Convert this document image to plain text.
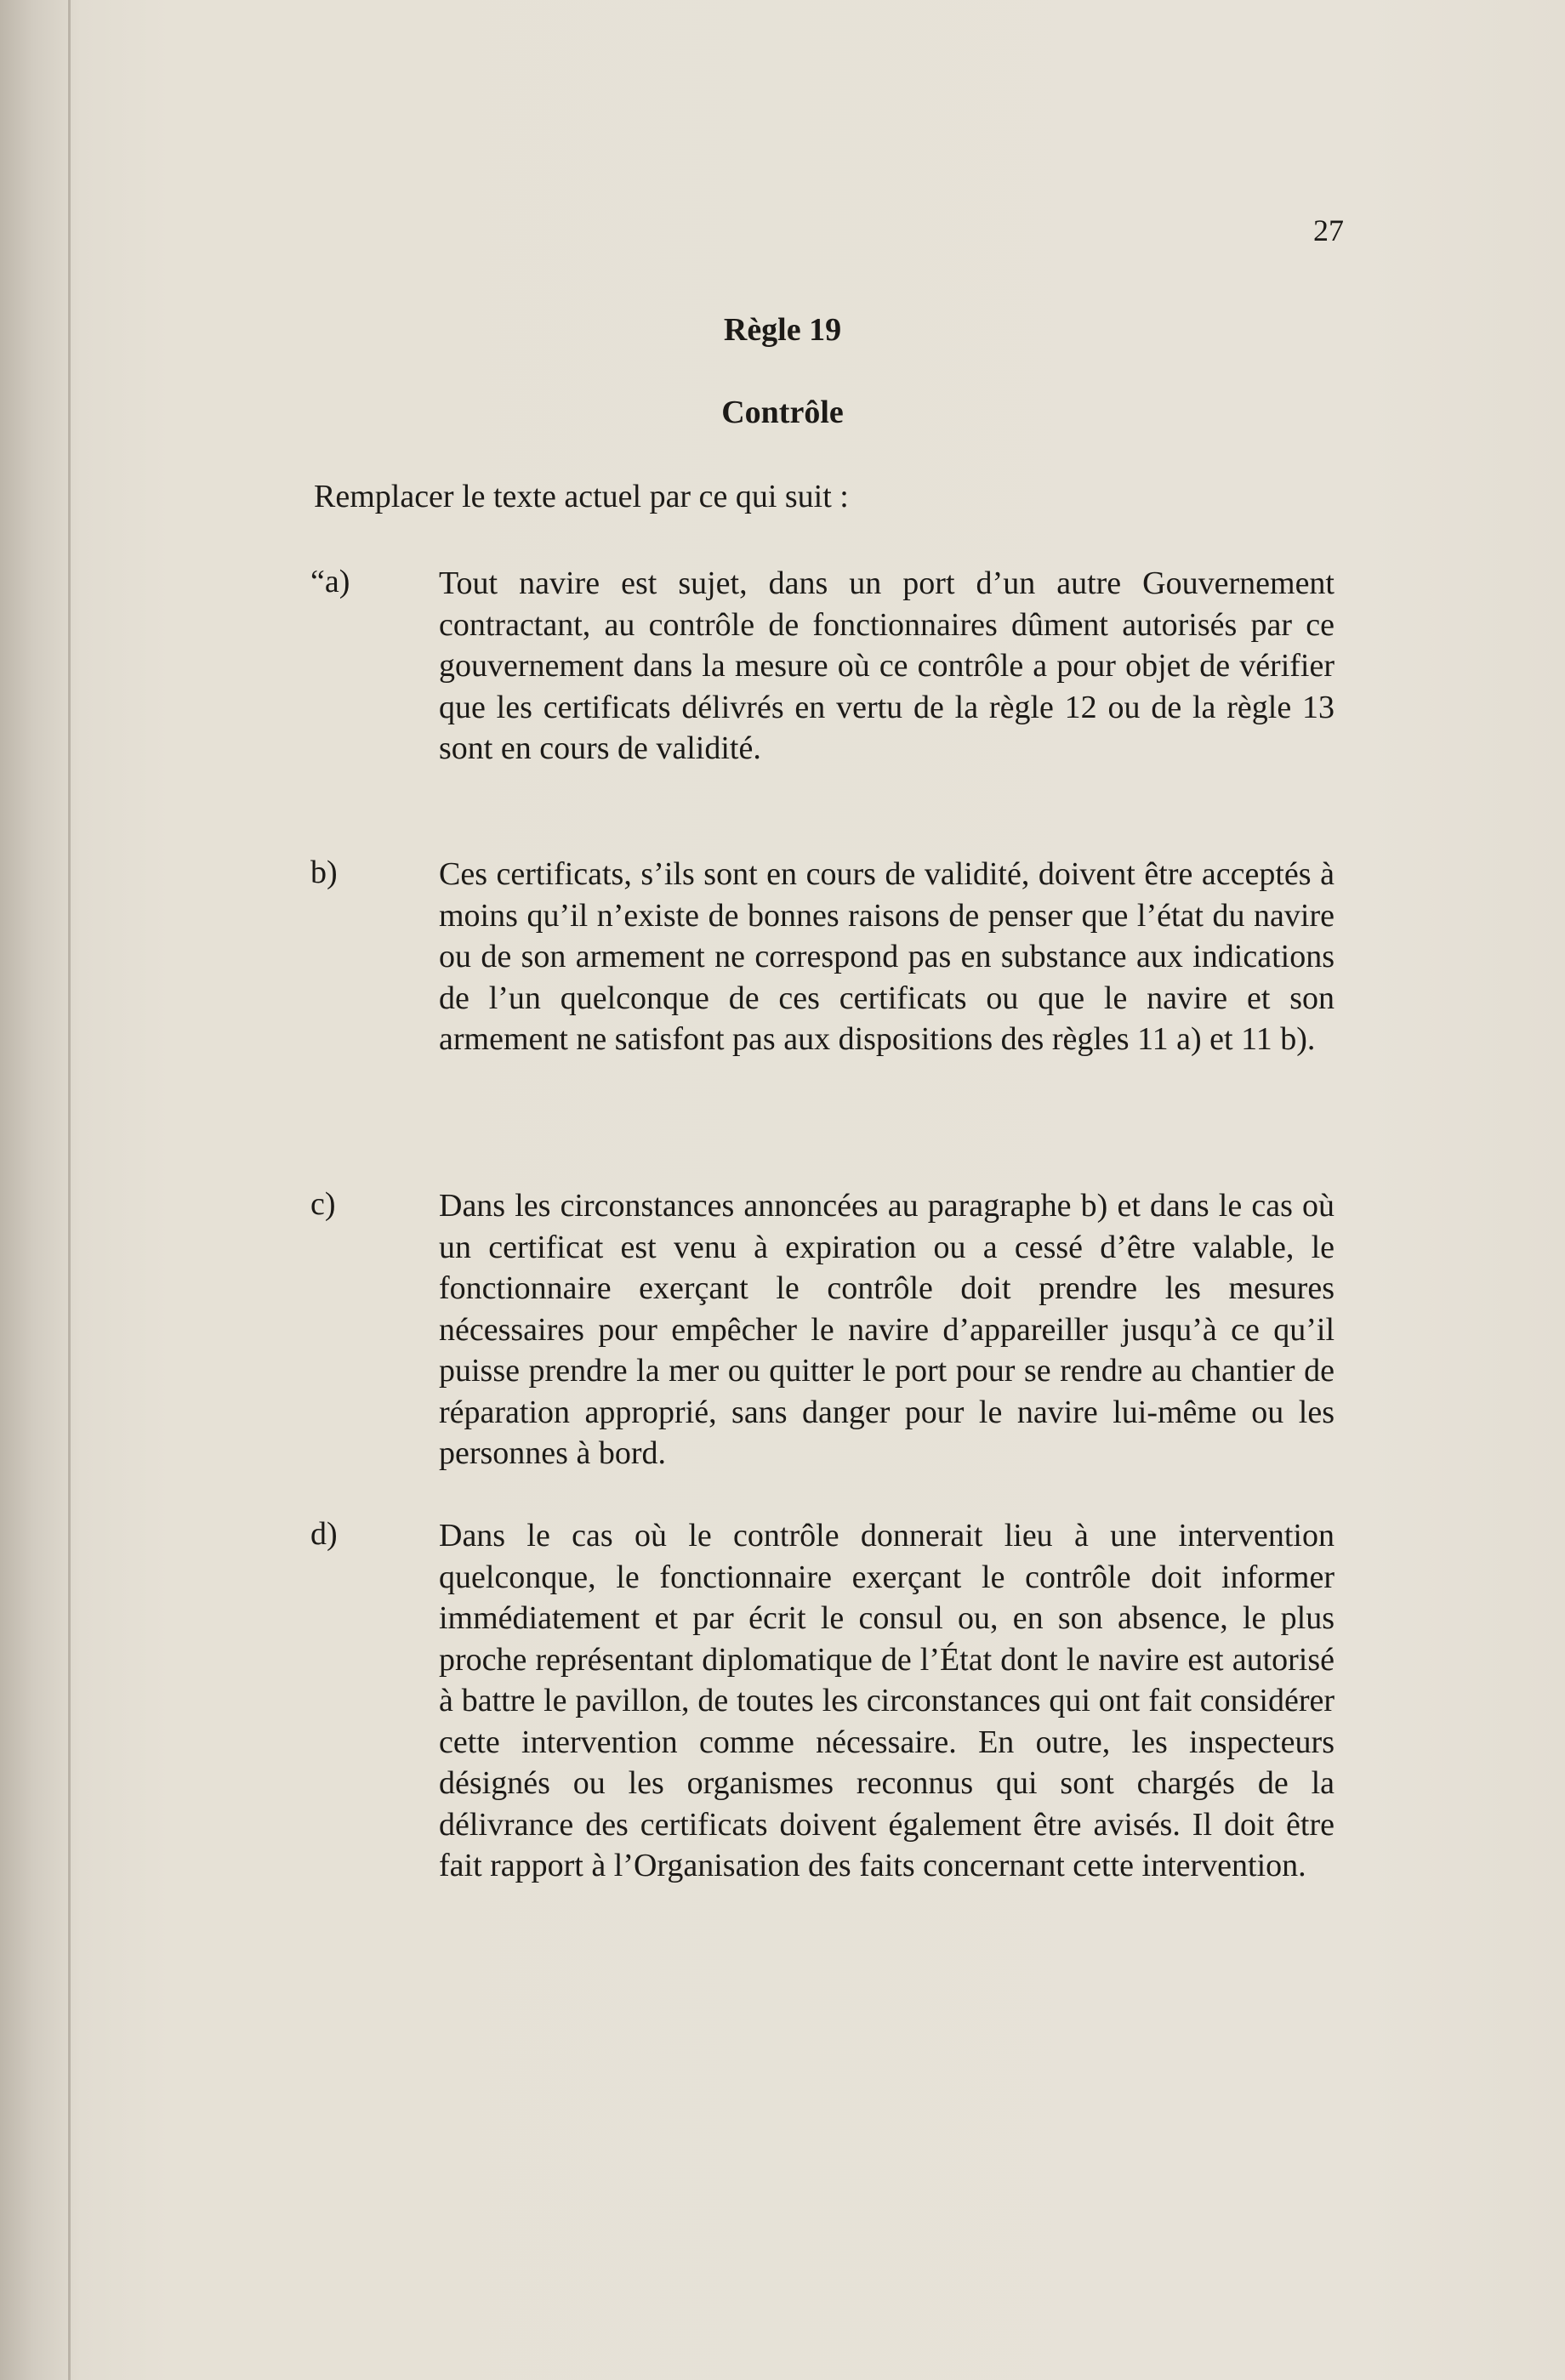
27
Règle 19
Contrôle
Remplacer le texte actuel par ce qui suit :
“a)	Tout navire est sujet, dans un port d’un autre Gouvernement contractant, au contrôle de fonctionnaires dûment autorisés par ce gouvernement dans la mesure où ce contrôle a pour objet de vérifier que les certificats délivrés en vertu de la règle 12 ou de la règle 13 sont en cours de validité.

b)	Ces certificats, s’ils sont en cours de validité, doivent être acceptés à moins qu’il n’existe de bonnes raisons de penser que l’état du navire ou de son armement ne correspond pas en substance aux indications de l’un quelconque de ces certificats ou que le navire et son armement ne satisfont pas aux dispositions des règles 11 a) et 11 b).

c)	Dans les circonstances annoncées au paragraphe b) et dans le cas où un certificat est venu à expiration ou a cessé d’être valable, le fonctionnaire exerçant le contrôle doit prendre les mesures nécessaires pour empêcher le navire d’appareiller jusqu’à ce qu’il puisse prendre la mer ou quitter le port pour se rendre au chantier de réparation approprié, sans danger pour le navire lui-même ou les personnes à bord.

d)	Dans le cas où le contrôle donnerait lieu à une intervention quelconque, le fonctionnaire exerçant le contrôle doit informer immédiatement et par écrit le consul ou, en son absence, le plus proche représentant diplomatique de l’État dont le navire est autorisé à battre le pavillon, de toutes les circonstances qui ont fait considérer cette intervention comme nécessaire. En outre, les inspecteurs désignés ou les organismes reconnus qui sont chargés de la délivrance des certificats doivent également être avisés. Il doit être fait rapport à l’Organisation des faits concernant cette intervention.
